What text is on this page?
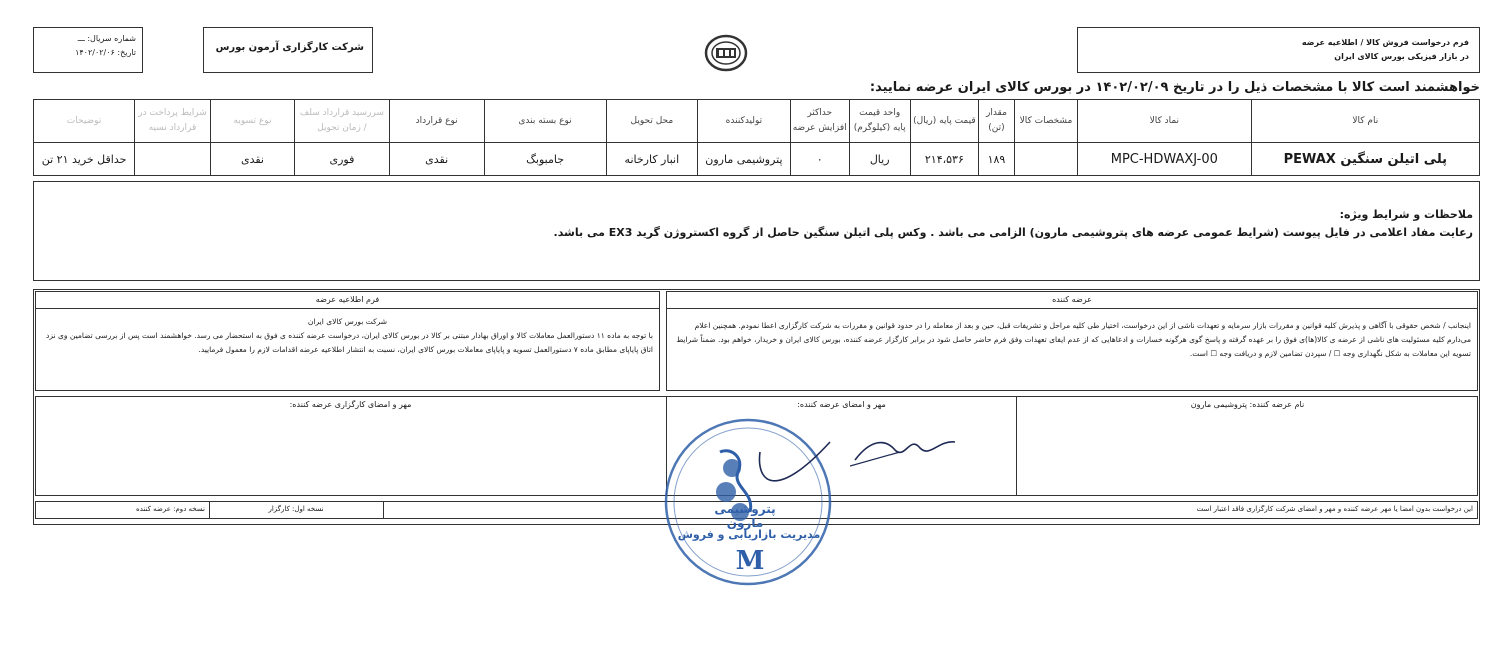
شماره سریال: ـــ
تاریخ: ۱۴۰۲/۰۲/۰۶	شرکت کارگزاری آرمون بورس	فرم درخواست فروش کالا / اطلاعیه عرضه
در بازار فیزیکی بورس کالای ایران
خواهشمند است کالا با مشخصات ذیل را در تاریخ ۱۴۰۲/۰۲/۰۹ در بورس کالای ایران عرضه نمایید:
نام کالا	نماد کالا	مشخصات کالا	مقدار (تن)	قیمت پایه (ریال)	واحد قیمت پایه (کیلوگرم)	حداکثر افزایش عرضه	تولیدکننده	محل تحویل	نوع بسته بندی	نوع قرارداد	سررسید قرارداد سلف / زمان تحویل	نوع تسویه	شرایط پرداخت در قرارداد نسیه	توضیحات
پلی اتیلن سنگین PEWAX	MPC-HDWAXJ-00		۱۸۹	۲۱۴،۵۳۶	ریال	۰	پتروشیمی مارون	انبار کارخانه	جامبوبگ	نقدی	فوری	نقدی		حداقل خرید ۲۱ تن
ملاحظات و شرایط ویژه:
رعایت مفاد اعلامی در فایل پیوست (شرایط عمومی عرضه های پتروشیمی مارون) الزامی می باشد . وکس پلی اتیلن سنگین حاصل از گروه اکستروژن گرید EX3 می باشد.
عرضه کننده
اینجانب / شخص حقوقی با آگاهی و پذیرش کلیه قوانین و مقررات بازار سرمایه و تعهدات ناشی از این درخواست، اختیار طی کلیه مراحل و تشریفات قبل، حین و بعد از معامله را در حدود قوانین و مقررات به شرکت کارگزاری اعطا نمودم. همچنین اعلام می‌دارم کلیه مسئولیت های ناشی از عرضه ی کالا(ها)ی فوق را بر عهده گرفته و پاسخ گوی هرگونه خسارات و ادعاهایی که از عدم ایفای تعهدات وفق فرم حاضر حاصل شود در برابر کارگزار عرضه کننده، بورس کالای ایران و خریدار، خواهم بود. ضمناً شرایط تسویه این معاملات به شکل نگهداری وجه ☐ / سپردن تضامین لازم و دریافت وجه ☐ است.
فرم اطلاعیه عرضه
شرکت بورس کالای ایران
با توجه به ماده ۱۱ دستورالعمل معاملات کالا و اوراق بهادار مبتنی بر کالا در بورس کالای ایران، درخواست عرضه کننده ی فوق به استحضار می رسد. خواهشمند است پس از بررسی تضامین وی نزد اتاق پایاپای مطابق ماده ۷ دستورالعمل تسویه و پایاپای معاملات بورس کالای ایران، نسبت به انتشار اطلاعیه عرضه اقدامات لازم را معمول فرمایید.
نام عرضه کننده: پتروشیمی مارون
مهر و امضای عرضه کننده:
مهر و امضای کارگزاری عرضه کننده:
این درخواست بدون امضا یا مهر عرضه کننده و مهر و امضای شرکت کارگزاری فاقد اعتبار است
نسخه اول: کارگزار
نسخه دوم: عرضه کننده	پتروشیمی مارون
مدیریت بازاریابی و فروش
M
